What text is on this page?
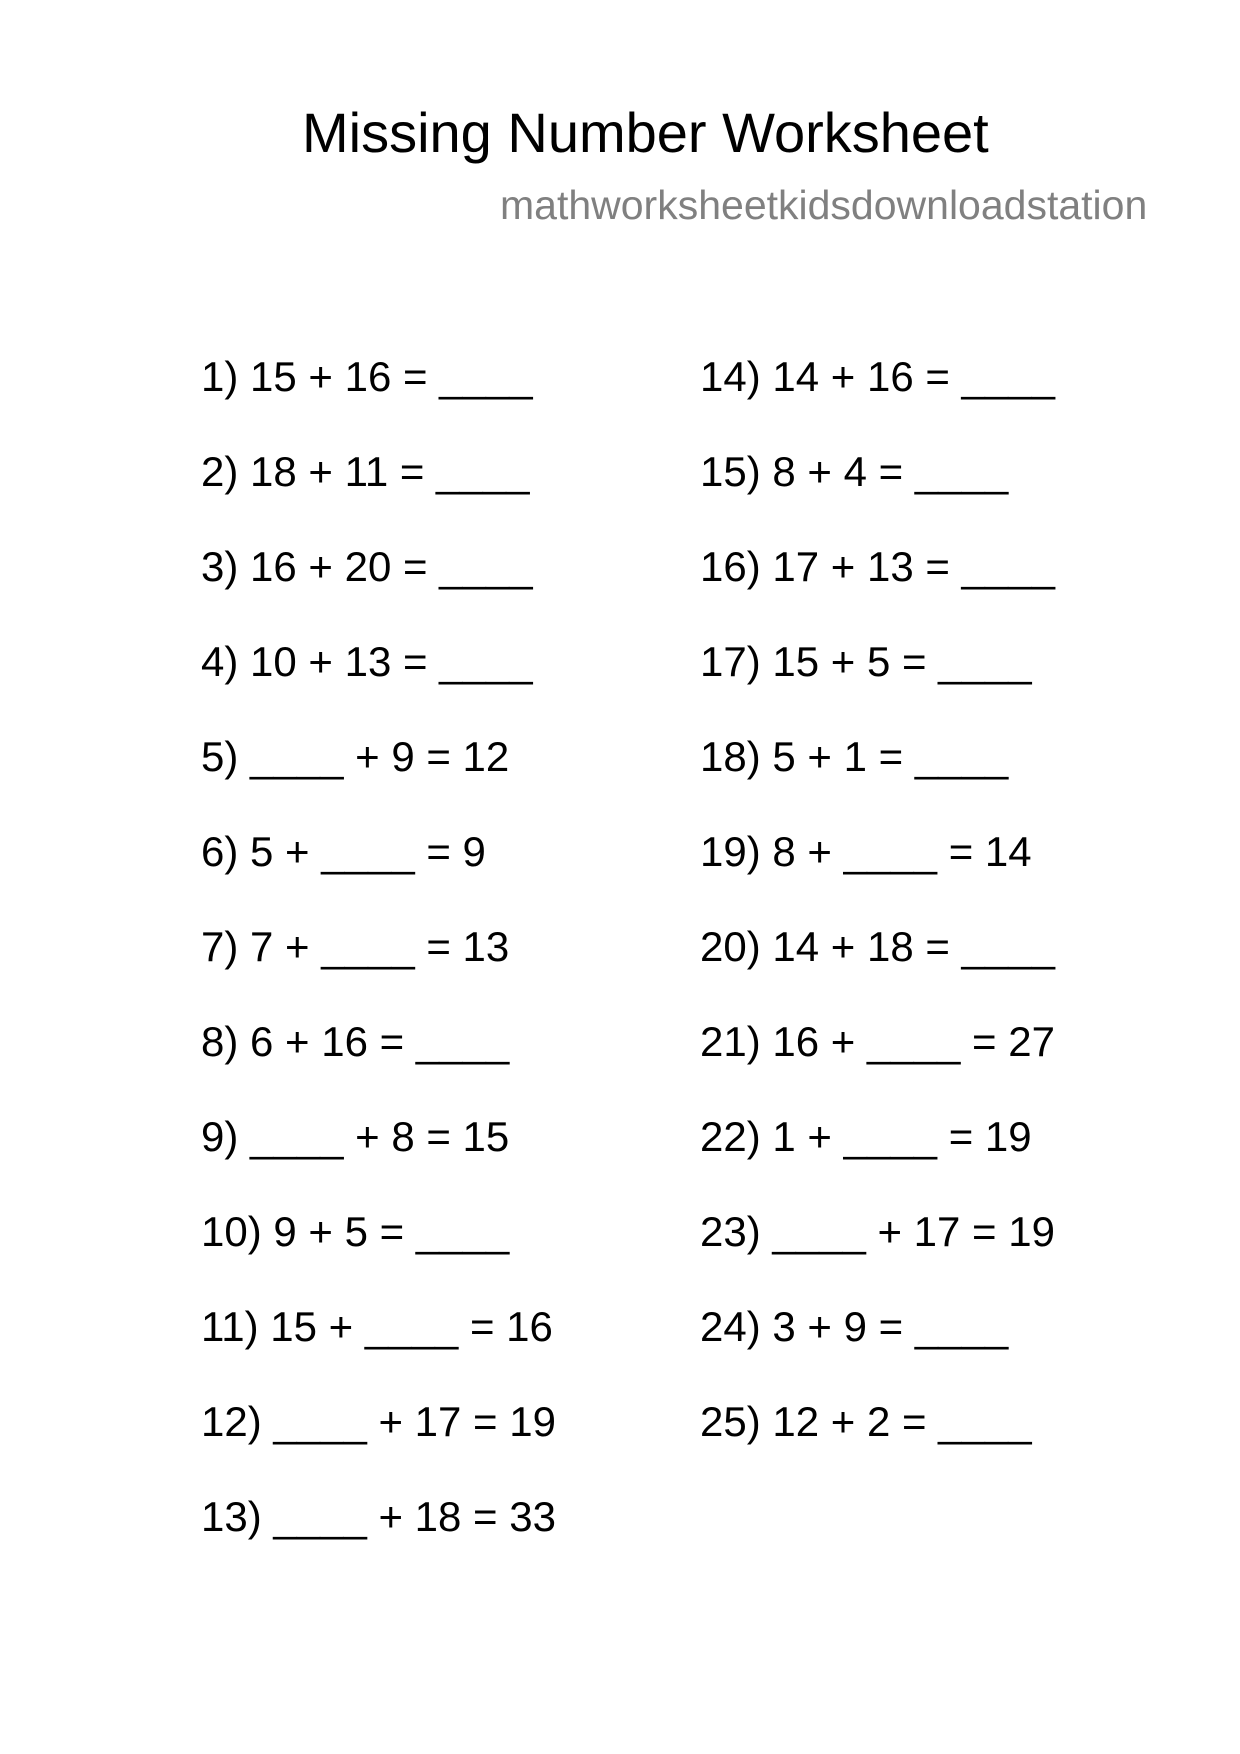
Missing Number Worksheet
mathworksheetkidsdownloadstation
1) 15 + 16 = ____
2) 18 + 11 = ____
3) 16 + 20 = ____
4) 10 + 13 = ____
5) ____ + 9 = 12
6) 5 + ____ = 9
7) 7 + ____ = 13
8) 6 + 16 = ____
9) ____ + 8 = 15
10) 9 + 5 = ____
11) 15 + ____ = 16
12) ____ + 17 = 19
13) ____ + 18 = 33
14) 14 + 16 = ____
15) 8 + 4 = ____
16) 17 + 13 = ____
17) 15 + 5 = ____
18) 5 + 1 = ____
19) 8 + ____ = 14
20) 14 + 18 = ____
21) 16 + ____ = 27
22) 1 + ____ = 19
23) ____ + 17 = 19
24) 3 + 9 = ____
25) 12 + 2 = ____
